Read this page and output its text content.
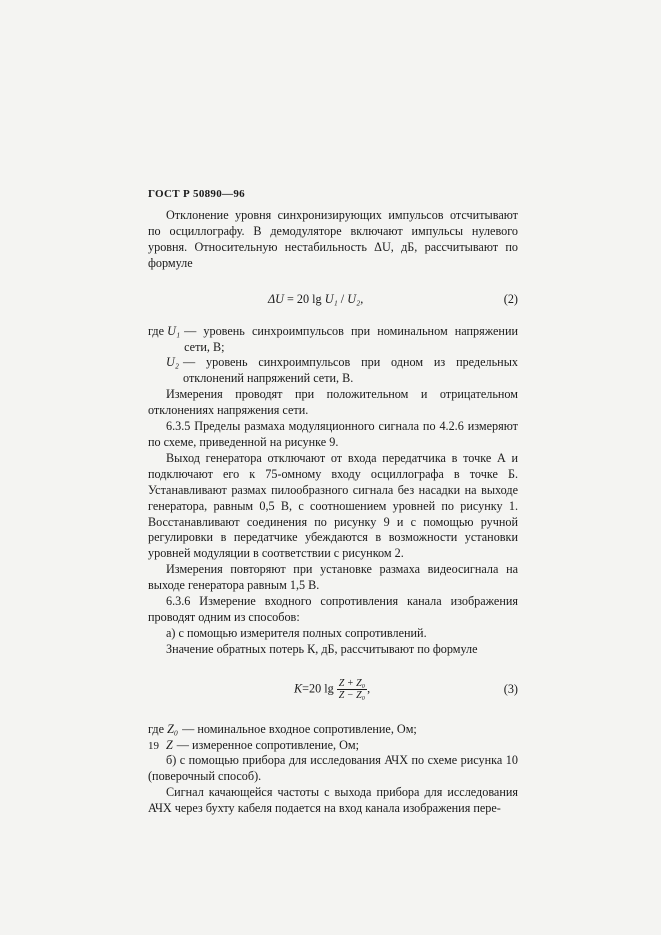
ГОСТ Р 50890—96

Отклонение уровня синхронизирующих импульсов отсчитывают по осциллографу. В демодуляторе включают импульсы нулевого уровня. Относительную нестабильность ΔU, дБ, рассчитывают по формуле

ΔU = 20 lg U₁ / U₂,	(2)
где U₁ — уровень синхроимпульсов при номинальном напряжении сети, В;
U₂ — уровень синхроимпульсов при одном из предельных отклонений напряжений сети, В.

Измерения проводят при положительном и отрицательном отклонениях напряжения сети.

6.3.5 Пределы размаха модуляционного сигнала по 4.2.6 измеряют по схеме, приведенной на рисунке 9.

Выход генератора отключают от входа передатчика в точке А и подключают его к 75-омному входу осциллографа в точке Б. Устанавливают размах пилообразного сигнала без насадки на выходе генератора, равным 0,5 В, с соотношением уровней по рисунку 1. Восстанавливают соединения по рисунку 9 и с помощью ручной регулировки в передатчике убеждаются в возможности установки уровней модуляции в соответствии с рисунком 2.

Измерения повторяют при установке размаха видеосигнала на выходе генератора равным 1,5 В.

6.3.6 Измерение входного сопротивления канала изображения проводят одним из способов:

а) с помощью измерителя полных сопротивлений.

Значение обратных потерь К, дБ, рассчитывают по формуле

K=20 $\lg \frac{\text{Z + Z₀}}{\text{Z − Z₀}}$ ,	(3)
где Z₀ — номинальное входное сопротивление, Ом;
Z — измеренное сопротивление, Ом;

б) с помощью прибора для исследования АЧХ по схеме рисунка 10 (поверочный способ).

Сигнал качающейся частоты с выхода прибора для исследования АЧХ через бухту кабеля подается на вход канала изображения пере-

19
